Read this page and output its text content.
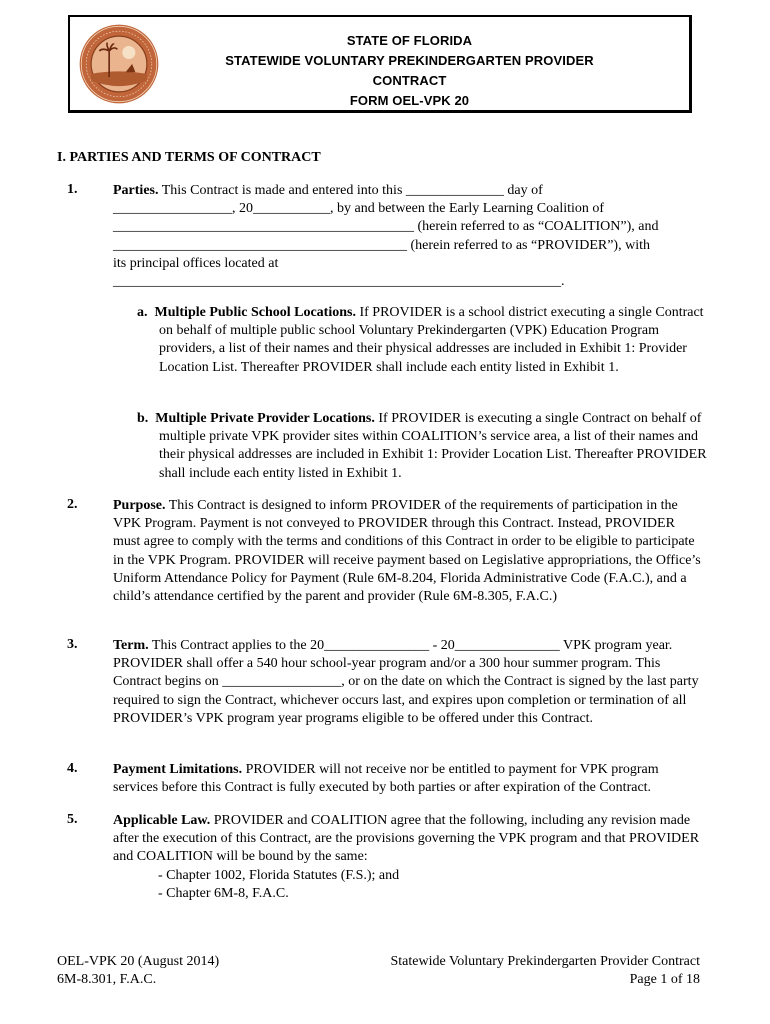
STATE OF FLORIDA
STATEWIDE VOLUNTARY PREKINDERGARTEN PROVIDER
CONTRACT
FORM OEL-VPK 20
I. PARTIES AND TERMS OF CONTRACT
1.	Parties. This Contract is made and entered into this ______________ day of
_________________, 20___________, by and between the Early Learning Coalition of
___________________________________________ (herein referred to as “COALITION”), and
__________________________________________ (herein referred to as “PROVIDER”), with
its principal offices located at
________________________________________________________________.
a. Multiple Public School Locations. If PROVIDER is a school district executing a single Contract on behalf of multiple public school Voluntary Prekindergarten (VPK) Education Program providers, a list of their names and their physical addresses are included in Exhibit 1: Provider Location List. Thereafter PROVIDER shall include each entity listed in Exhibit 1.
b. Multiple Private Provider Locations. If PROVIDER is executing a single Contract on behalf of multiple private VPK provider sites within COALITION’s service area, a list of their names and their physical addresses are included in Exhibit 1: Provider Location List. Thereafter PROVIDER shall include each entity listed in Exhibit 1.
2.	Purpose. This Contract is designed to inform PROVIDER of the requirements of participation in the VPK Program. Payment is not conveyed to PROVIDER through this Contract. Instead, PROVIDER must agree to comply with the terms and conditions of this Contract in order to be eligible to participate in the VPK Program. PROVIDER will receive payment based on Legislative appropriations, the Office’s Uniform Attendance Policy for Payment (Rule 6M-8.204, Florida Administrative Code (F.A.C.), and a child’s attendance certified by the parent and provider (Rule 6M-8.305, F.A.C.)
3.	Term. This Contract applies to the 20_______________ - 20_______________ VPK program year. PROVIDER shall offer a 540 hour school-year program and/or a 300 hour summer program. This Contract begins on _________________, or on the date on which the Contract is signed by the last party required to sign the Contract, whichever occurs last, and expires upon completion or termination of all PROVIDER’s VPK program year programs eligible to be offered under this Contract.
4.	Payment Limitations. PROVIDER will not receive nor be entitled to payment for VPK program services before this Contract is fully executed by both parties or after expiration of the Contract.
5.	Applicable Law. PROVIDER and COALITION agree that the following, including any revision made after the execution of this Contract, are the provisions governing the VPK program and that PROVIDER and COALITION will be bound by the same:
- Chapter 1002, Florida Statutes (F.S.); and
- Chapter 6M-8, F.A.C.
OEL-VPK 20 (August 2014)
6M-8.301, F.A.C.
Statewide Voluntary Prekindergarten Provider Contract
Page 1 of 18
